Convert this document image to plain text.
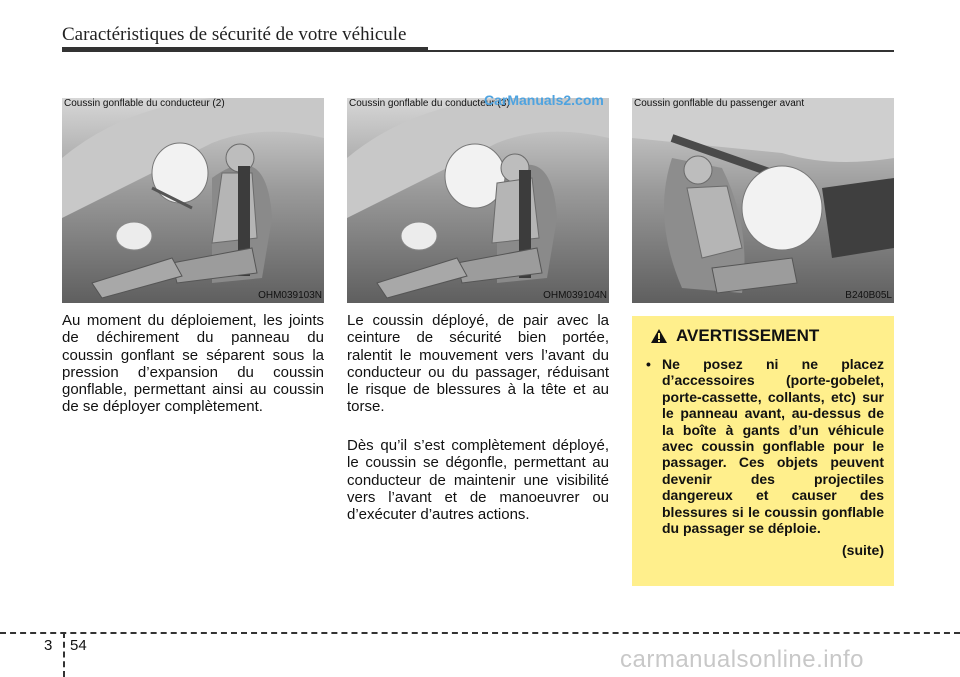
Caractéristiques de sécurité de votre véhicule
Coussin gonflable du conducteur (2)
OHM039103N
Coussin gonflable du conducteur (3)
OHM039104N
CarManuals2.com	Coussin gonflable du passenger avant
B240B05L
Au moment du déploiement, les joints de déchirement du panneau du coussin gonflant se séparent sous la pression d’expansion du coussin gonflable, permettant ainsi au coussin de se déployer complètement.
Le coussin déployé, de pair avec la ceinture de sécurité bien portée, ralentit le mouvement vers l’avant du conducteur ou du passager, réduisant le risque de blessures à la tête et au torse.
Dès qu’il s’est complètement déployé, le coussin se dégonfle, permettant au conducteur de maintenir une visibilité vers l’avant et de manoeuvrer ou d’exécuter d’autres actions.
AVERTISSEMENT
• Ne posez ni ne placez d’accessoires (porte-gobelet, porte-cassette, collants, etc) sur le panneau avant, au-dessus de la boîte à gants d’un véhicule avec coussin gonflable pour le passager. Ces objets peuvent devenir des projectiles dangereux et causer des blessures si le coussin gonflable du passager se déploie.
(suite)
3 54
carmanualsonline.info
